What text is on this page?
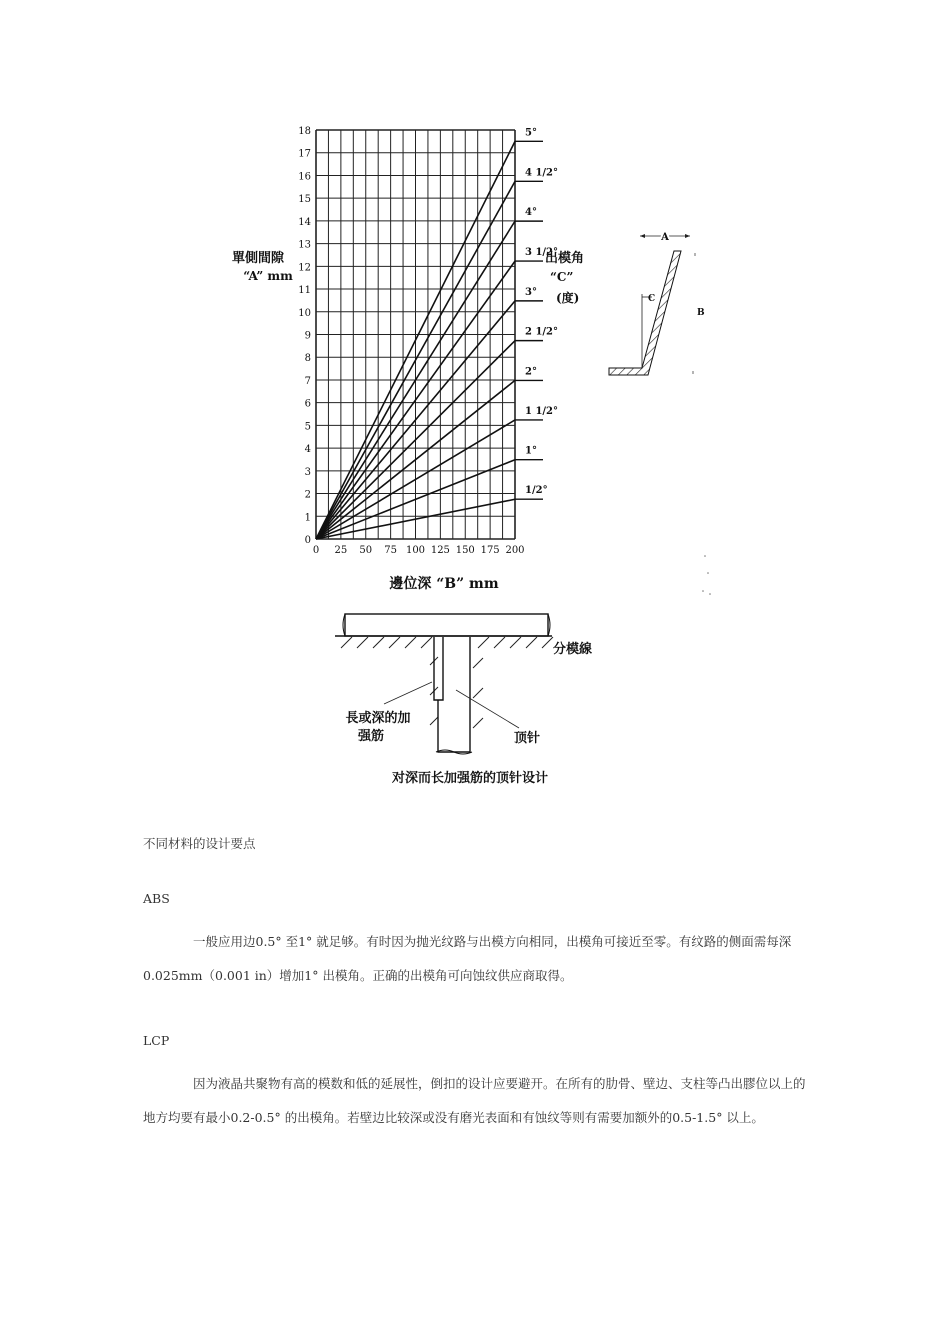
0 25 50 75 100 125 150 175 200
0
1
2
3
4
5
6
7
8
9
10
11
12
13
14
15
16
17
18
1/2°
1°
1 1/2°
2°
2 1/2°
3°
3 1/2°
4°
4 1/2°
5°
單側間隙
“A” mm
邊位深 “B” mm
出模角
“C”
(度)
A
C
B
分模線
長或深的加
强筋	顶针
对深而长加强筋的顶针设计
不同材料的设计要点
ABS
一般应用边0.5° 至1° 就足够。有时因为抛光纹路与出模方向相同，出模角可接近至零。有纹路的侧面需每深0.025mm（0.001 in）增加1° 出模角。正确的出模角可向蚀纹供应商取得。
LCP
因为液晶共聚物有高的模数和低的延展性，倒扣的设计应要避开。在所有的肋骨、壁边、支柱等凸出膠位以上的地方均要有最小0.2-0.5° 的出模角。若壁边比较深或没有磨光表面和有蚀纹等则有需要加额外的0.5-1.5° 以上。
